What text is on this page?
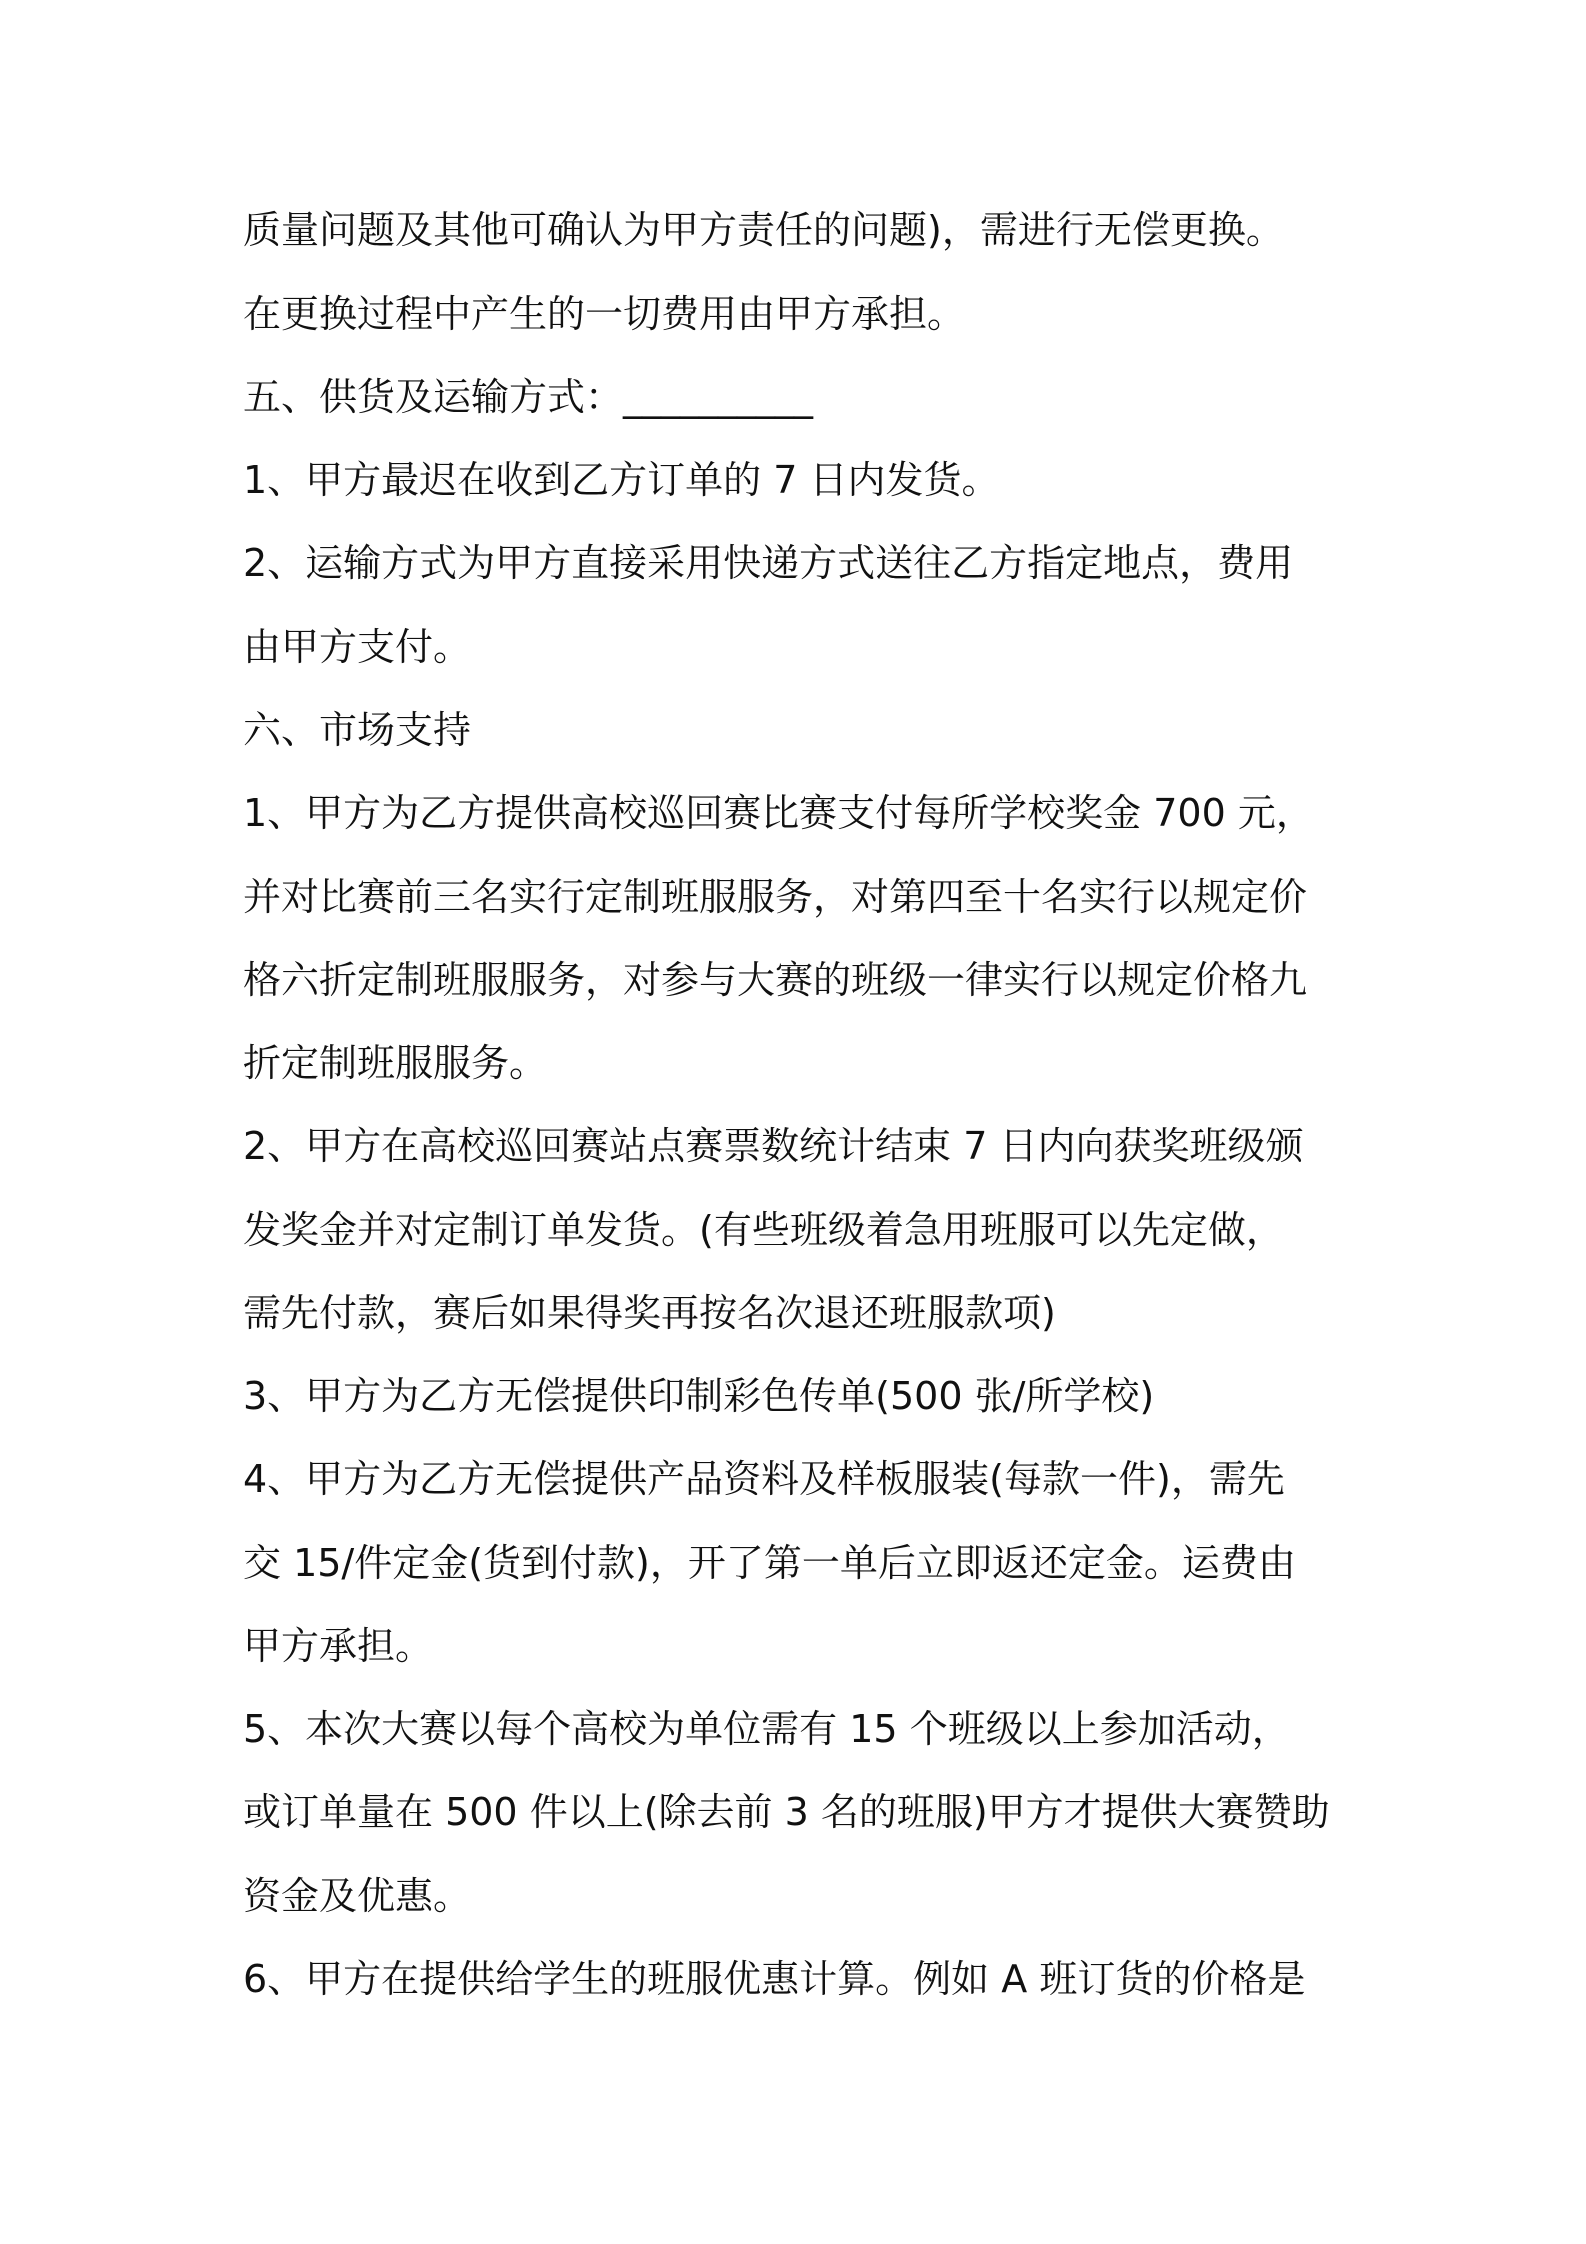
质量问题及其他可确认为甲方责任的问题)，需进行无偿更换。
在更换过程中产生的一切费用由甲方承担。
五、供货及运输方式：__________
1、甲方最迟在收到乙方订单的 7 日内发货。
2、运输方式为甲方直接采用快递方式送往乙方指定地点，费用
由甲方支付。
六、市场支持
1、甲方为乙方提供高校巡回赛比赛支付每所学校奖金 700 元，
并对比赛前三名实行定制班服服务，对第四至十名实行以规定价
格六折定制班服服务，对参与大赛的班级一律实行以规定价格九
折定制班服服务。
2、甲方在高校巡回赛站点赛票数统计结束 7 日内向获奖班级颁
发奖金并对定制订单发货。(有些班级着急用班服可以先定做，
需先付款，赛后如果得奖再按名次退还班服款项)
3、甲方为乙方无偿提供印制彩色传单(500 张/所学校)
4、甲方为乙方无偿提供产品资料及样板服装(每款一件)，需先
交 15/件定金(货到付款)，开了第一单后立即返还定金。运费由
甲方承担。
5、本次大赛以每个高校为单位需有 15 个班级以上参加活动，
或订单量在 500 件以上(除去前 3 名的班服)甲方才提供大赛赞助
资金及优惠。
6、甲方在提供给学生的班服优惠计算。例如 A 班订货的价格是
